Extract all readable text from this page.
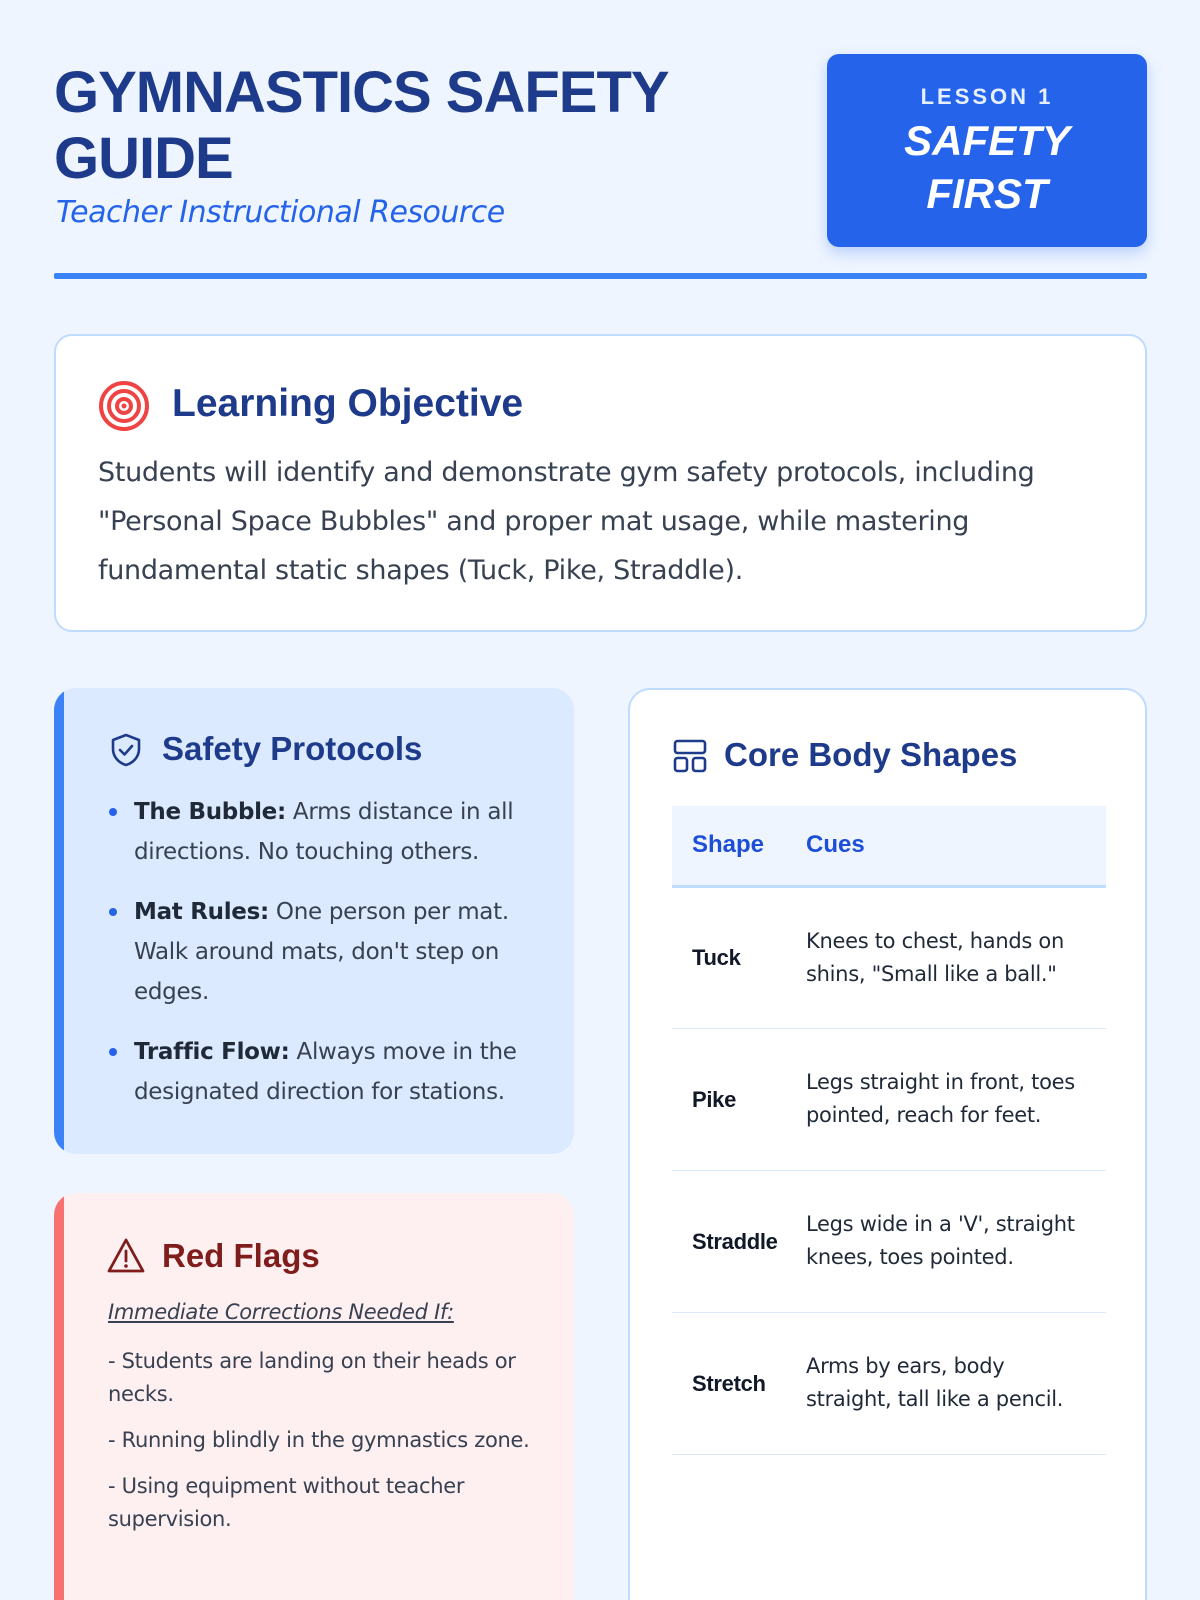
GYMNASTICS SAFETY GUIDE
Teacher Instructional Resource
LESSON 1
SAFETY FIRST
Learning Objective

Students will identify and demonstrate gym safety protocols, including "Personal Space Bubbles" and proper mat usage, while mastering fundamental static shapes (Tuck, Pike, Straddle).

Safety Protocols
The Bubble: Arms distance in all directions. No touching others.
Mat Rules: One person per mat. Walk around mats, don't step on edges.
Traffic Flow: Always move in the designated direction for stations.
Red Flags
Immediate Corrections Needed If:

- Students are landing on their heads or necks.

- Running blindly in the gymnastics zone.

- Using equipment without teacher supervision.

Core Body Shapes
Shape	Cues
Tuck	Knees to chest, hands on shins, "Small like a ball."
Pike	Legs straight in front, toes pointed, reach for feet.
Straddle	Legs wide in a 'V', straight knees, toes pointed.
Stretch	Arms by ears, body straight, tall like a pencil.
